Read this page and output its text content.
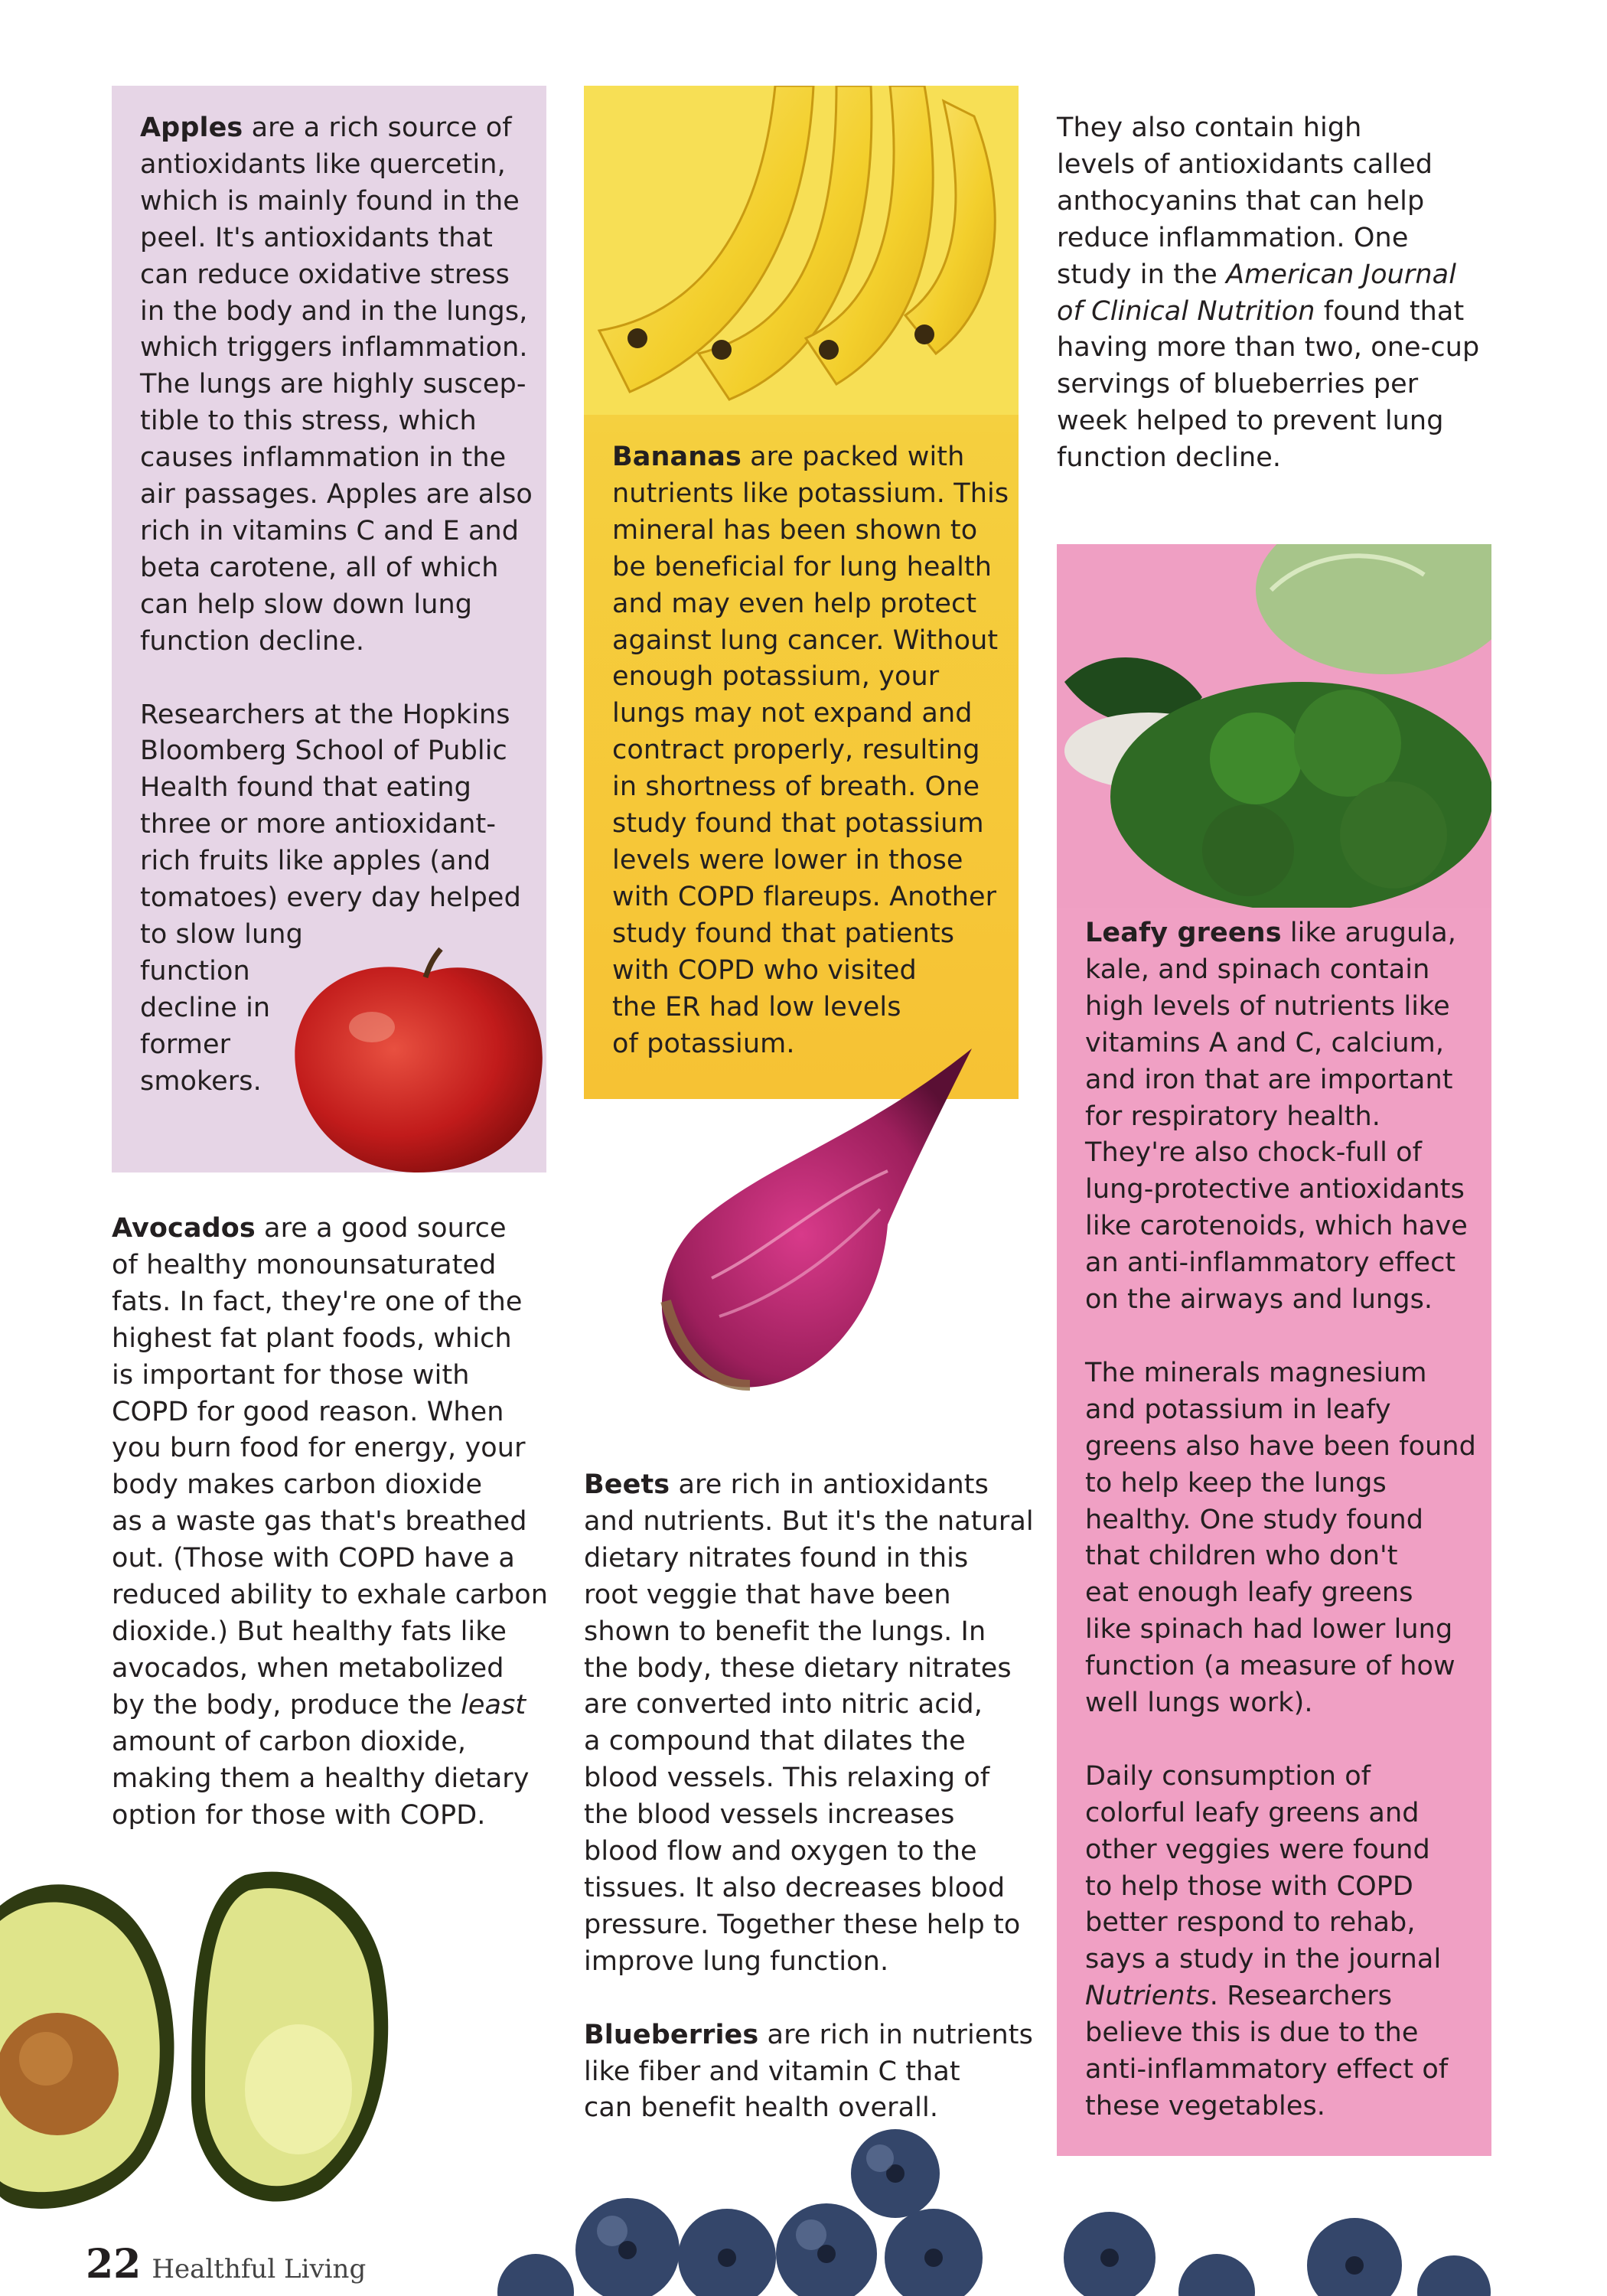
Apples are a rich source of
antioxidants like quercetin,
which is mainly found in the
peel. It's antioxidants that
can reduce oxidative stress
in the body and in the lungs,
which triggers inflammation.
The lungs are highly suscep-
tible to this stress, which
causes inflammation in the
air passages. Apples are also
rich in vitamins C and E and
beta carotene, all of which
can help slow down lung
function decline.

Researchers at the Hopkins
Bloomberg School of Public
Health found that eating
three or more antioxidant-
rich fruits like apples (and
tomatoes) every day helped
to slow lung
function
decline in
former
smokers.
Bananas are packed with
nutrients like potassium. This
mineral has been shown to
be beneficial for lung health
and may even help protect
against lung cancer. Without
enough potassium, your
lungs may not expand and
contract properly, resulting
in shortness of breath. One
study found that potassium
levels were lower in those
with COPD flareups. Another
study found that patients
with COPD who visited
the ER had low levels
of potassium.
They also contain high
levels of antioxidants called
anthocyanins that can help
reduce inflammation. One
study in the American Journal
of Clinical Nutrition found that
having more than two, one-cup
servings of blueberries per
week helped to prevent lung
function decline.
Leafy greens like arugula,
kale, and spinach contain
high levels of nutrients like
vitamins A and C, calcium,
and iron that are important
for respiratory health.
They're also chock-full of
lung-protective antioxidants
like carotenoids, which have
an anti-inflammatory effect
on the airways and lungs.

The minerals magnesium
and potassium in leafy
greens also have been found
to help keep the lungs
healthy. One study found
that children who don't
eat enough leafy greens
like spinach had lower lung
function (a measure of how
well lungs work).

Daily consumption of
colorful leafy greens and
other veggies were found
to help those with COPD
better respond to rehab,
says a study in the journal
Nutrients. Researchers
believe this is due to the
anti-inflammatory effect of
these vegetables.
Avocados are a good source
of healthy monounsaturated
fats. In fact, they're one of the
highest fat plant foods, which
is important for those with
COPD for good reason. When
you burn food for energy, your
body makes carbon dioxide
as a waste gas that's breathed
out. (Those with COPD have a
reduced ability to exhale carbon
dioxide.) But healthy fats like
avocados, when metabolized
by the body, produce the least
amount of carbon dioxide,
making them a healthy dietary
option for those with COPD.
Beets are rich in antioxidants
and nutrients. But it's the natural
dietary nitrates found in this
root veggie that have been
shown to benefit the lungs. In
the body, these dietary nitrates
are converted into nitric acid,
a compound that dilates the
blood vessels. This relaxing of
the blood vessels increases
blood flow and oxygen to the
tissues. It also decreases blood
pressure. Together these help to
improve lung function.

Blueberries are rich in nutrients
like fiber and vitamin C that
can benefit health overall.
22 Healthful Living
